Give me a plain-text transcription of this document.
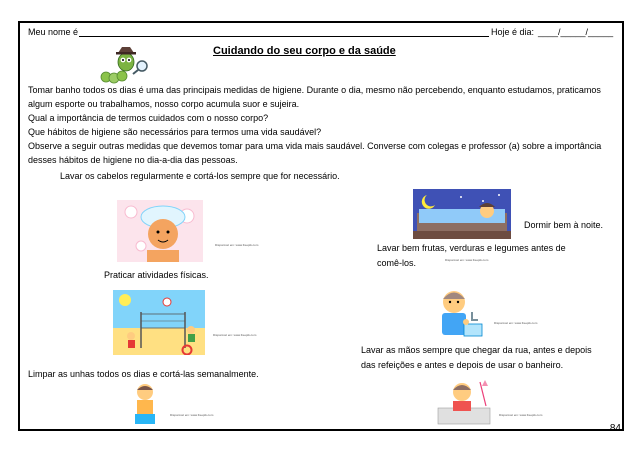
Meu nome é	Hoje é dia: ____/_____/_____
Cuidando do seu corpo e da saúde
Tomar banho todos os dias é uma das principais medidas de higiene. Durante o dia, mesmo não percebendo, enquanto estudamos, praticamos
algum esporte ou trabalhamos, nosso corpo acumula suor e sujeira.
Qual a importância de termos cuidados com o nosso corpo?
Que hábitos de higiene são necessários para termos uma vida saudável?
Observe a seguir outras medidas que devemos tomar para uma vida mais saudável. Converse com colegas e professor (a) sobre a importância
desses hábitos de higiene no dia-a-dia das pessoas.
Lavar os cabelos regularmente e cortá-los sempre que for necessário.
Disponível em: www.freepik.com
Dormir bem à noite.
Lavar bem frutas, verduras e legumes antes de
comê-los.	Disponível em: www.freepik.com
Praticar atividades físicas.
Disponível em: www.freepik.com
Disponível em: www.freepik.com
Lavar as mãos sempre que chegar da rua, antes e depois
das refeições e antes e depois de usar o banheiro.
Limpar as unhas todos os dias e cortá-las semanalmente.
Disponível em: www.freepik.com	Disponível em: www.freepik.com
84
